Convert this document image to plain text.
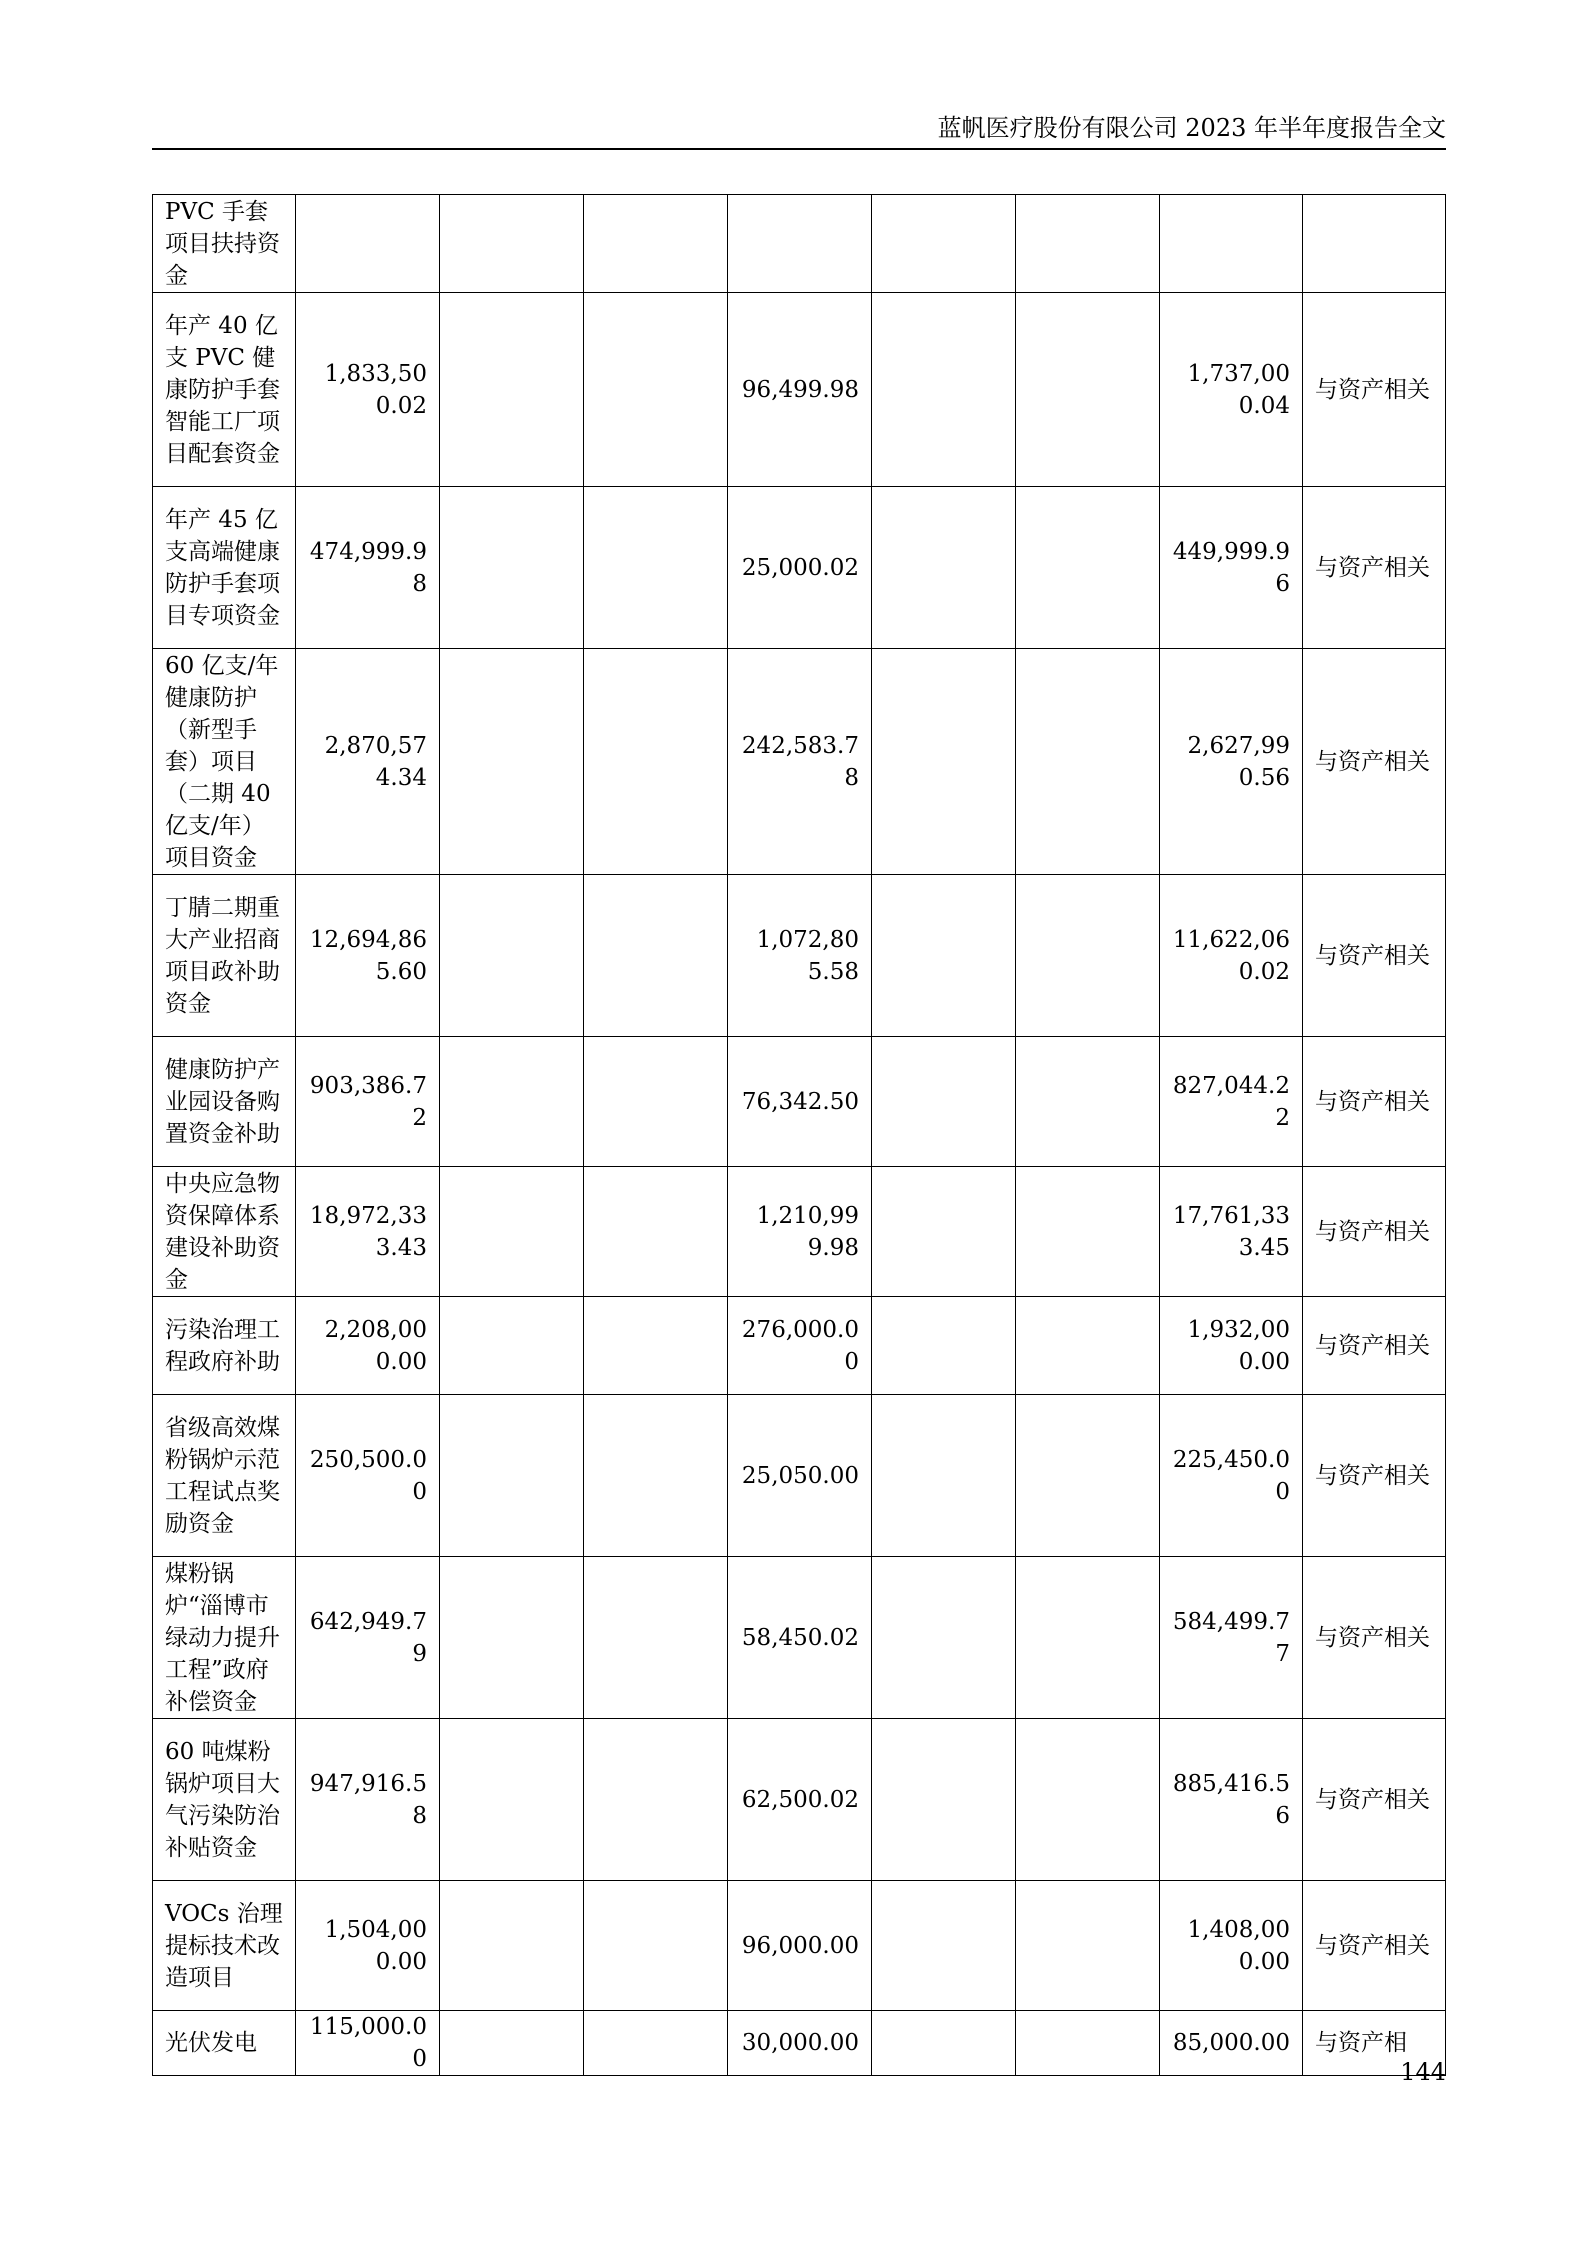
蓝帆医疗股份有限公司 2023 年半年度报告全文
PVC 手套项目扶持资金								
年产 40 亿支 PVC 健康防护手套智能工厂项目配套资金	1,833,500.02			96,499.98			1,737,000.04	与资产相关
年产 45 亿支高端健康防护手套项目专项资金	474,999.98			25,000.02			449,999.96	与资产相关
60 亿支/年健康防护（新型手套）项目（二期 40 亿支/年）项目资金	2,870,574.34			242,583.78			2,627,990.56	与资产相关
丁腈二期重大产业招商项目政补助资金	12,694,865.60			1,072,805.58			11,622,060.02	与资产相关
健康防护产业园设备购置资金补助	903,386.72			76,342.50			827,044.22	与资产相关
中央应急物资保障体系建设补助资金	18,972,333.43			1,210,999.98			17,761,333.45	与资产相关
污染治理工程政府补助	2,208,000.00			276,000.00			1,932,000.00	与资产相关
省级高效煤粉锅炉示范工程试点奖励资金	250,500.00			25,050.00			225,450.00	与资产相关
煤粉锅炉“淄博市绿动力提升工程”政府补偿资金	642,949.79			58,450.02			584,499.77	与资产相关
60 吨煤粉锅炉项目大气污染防治补贴资金	947,916.58			62,500.02			885,416.56	与资产相关
VOCs 治理提标技术改造项目	1,504,000.00			96,000.00			1,408,000.00	与资产相关
光伏发电	115,000.00			30,000.00			85,000.00	与资产相
144
